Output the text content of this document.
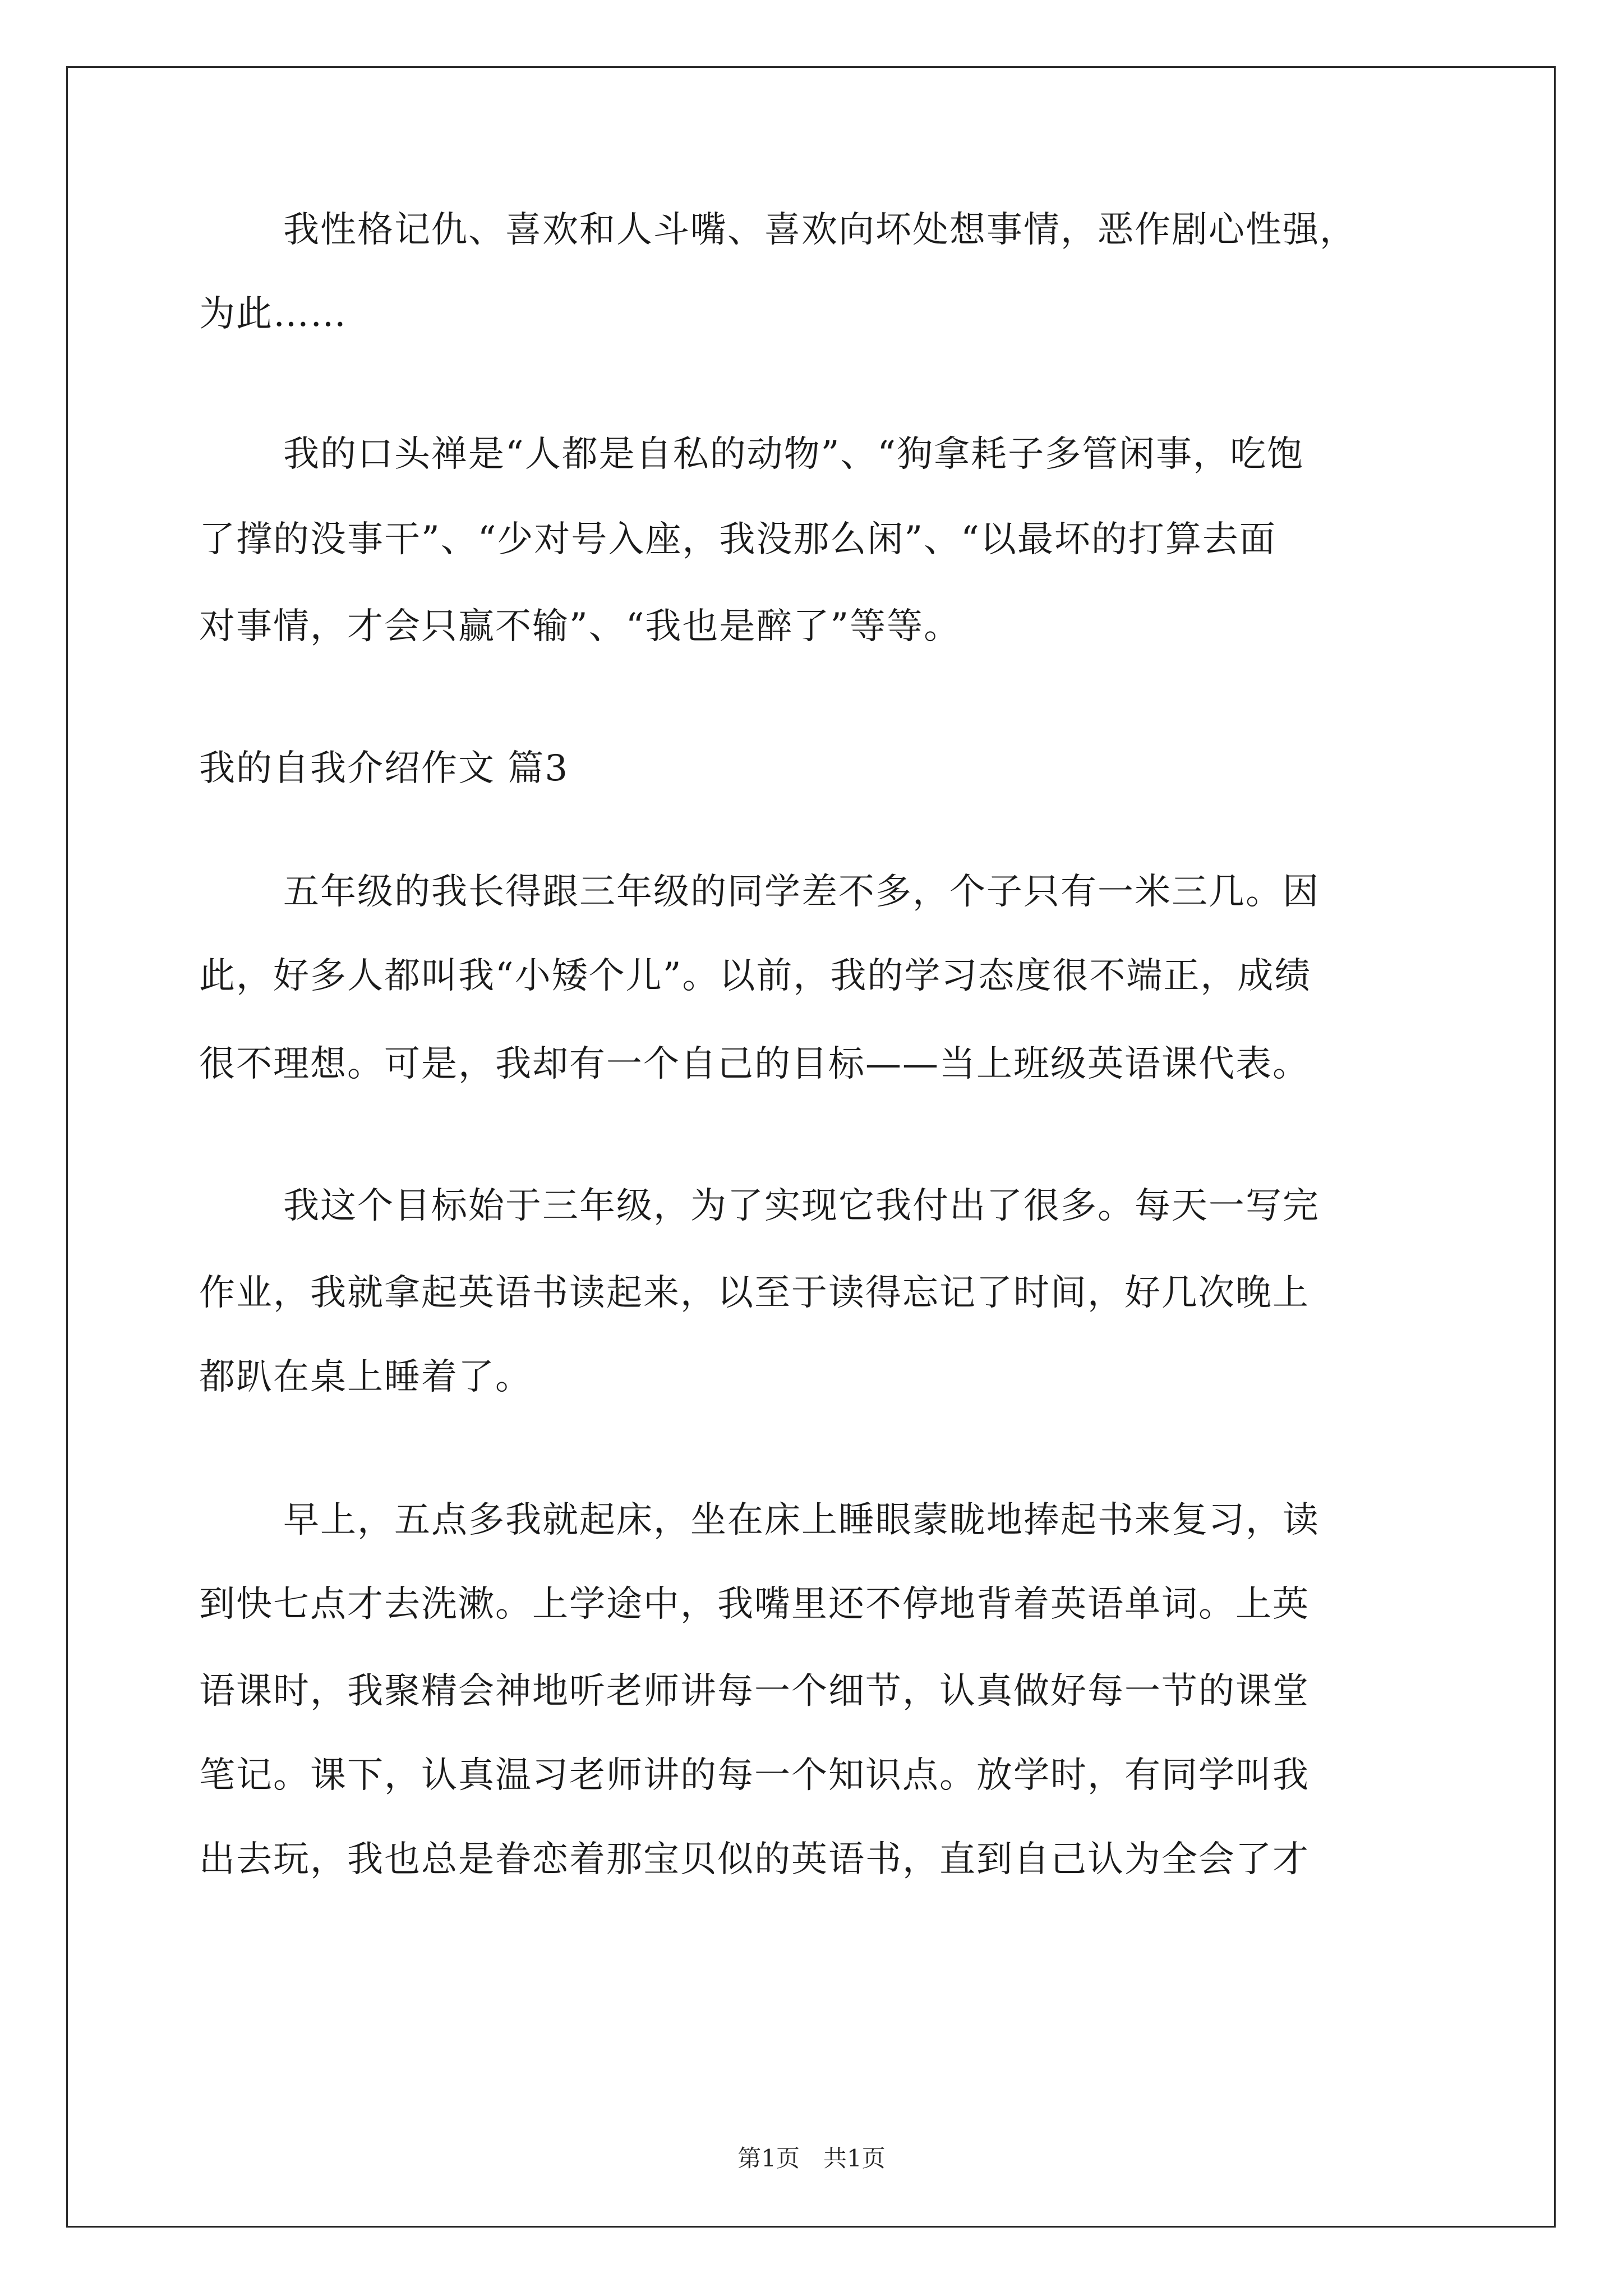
我性格记仇、喜欢和人斗嘴、喜欢向坏处想事情，恶作剧心性强，
为此……
我的口头禅是“人都是自私的动物”、“狗拿耗子多管闲事，吃饱
了撑的没事干”、“少对号入座，我没那么闲”、“以最坏的打算去面
对事情，才会只赢不输”、“我也是醉了”等等。
我的自我介绍作文 篇3
五年级的我长得跟三年级的同学差不多，个子只有一米三几。因
此，好多人都叫我“小矮个儿”。以前，我的学习态度很不端正，成绩
很不理想。可是，我却有一个自己的目标——当上班级英语课代表。
我这个目标始于三年级，为了实现它我付出了很多。每天一写完
作业，我就拿起英语书读起来，以至于读得忘记了时间，好几次晚上
都趴在桌上睡着了。
早上，五点多我就起床，坐在床上睡眼蒙眬地捧起书来复习，读
到快七点才去洗漱。上学途中，我嘴里还不停地背着英语单词。上英
语课时，我聚精会神地听老师讲每一个细节，认真做好每一节的课堂
笔记。课下，认真温习老师讲的每一个知识点。放学时，有同学叫我
出去玩，我也总是眷恋着那宝贝似的英语书，直到自己认为全会了才
第1页　共1页
